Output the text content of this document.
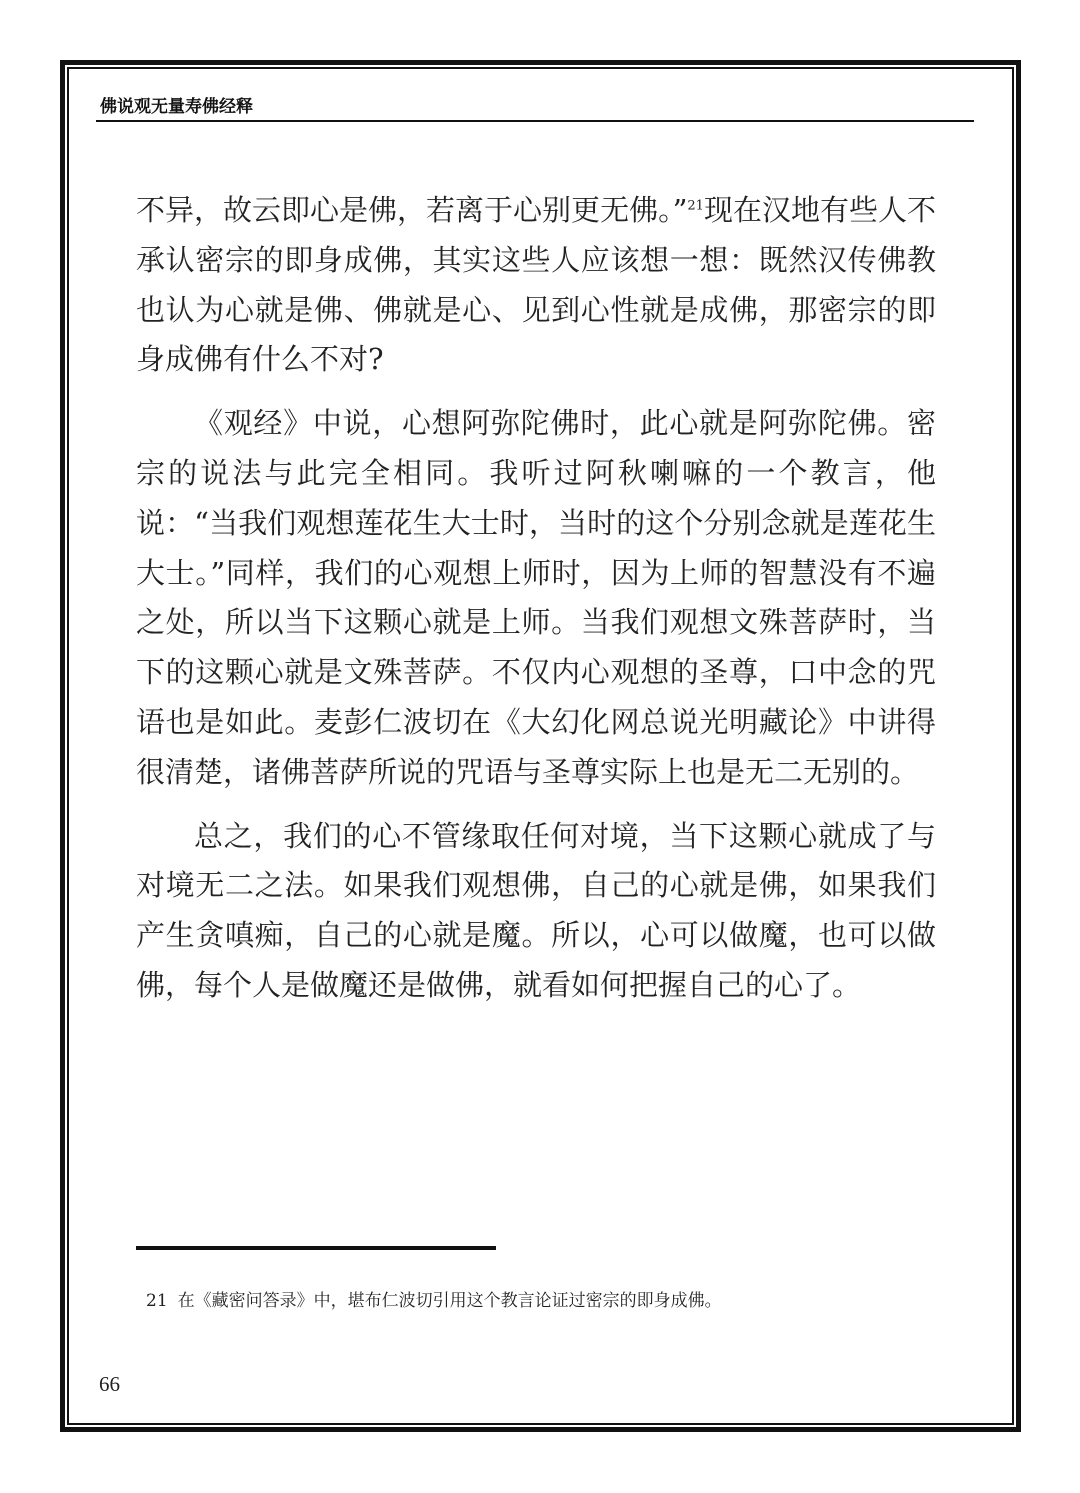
佛说观无量寿佛经释

不异，故云即心是佛，若离于心别更无佛。”$^{21}$现在汉地有些人不承认密宗的即身成佛，其实这些人应该想一想：既然汉传佛教也认为心就是佛、佛就是心、见到心性就是成佛，那密宗的即身成佛有什么不对?

《观经》中说，心想阿弥陀佛时，此心就是阿弥陀佛。密宗的说法与此完全相同。我听过阿秋喇嘛的一个教言，他说：“当我们观想莲花生大士时，当时的这个分别念就是莲花生大士。”同样，我们的心观想上师时，因为上师的智慧没有不遍之处，所以当下这颗心就是上师。当我们观想文殊菩萨时，当下的这颗心就是文殊菩萨。不仅内心观想的圣尊，口中念的咒语也是如此。麦彭仁波切在《大幻化网总说光明藏论》中讲得很清楚，诸佛菩萨所说的咒语与圣尊实际上也是无二无别的。

总之，我们的心不管缘取任何对境，当下这颗心就成了与对境无二之法。如果我们观想佛，自己的心就是佛，如果我们产生贪嗔痴，自己的心就是魔。所以，心可以做魔，也可以做佛，每个人是做魔还是做佛，就看如何把握自己的心了。

21 在《藏密问答录》中，堪布仁波切引用这个教言论证过密宗的即身成佛。
66
